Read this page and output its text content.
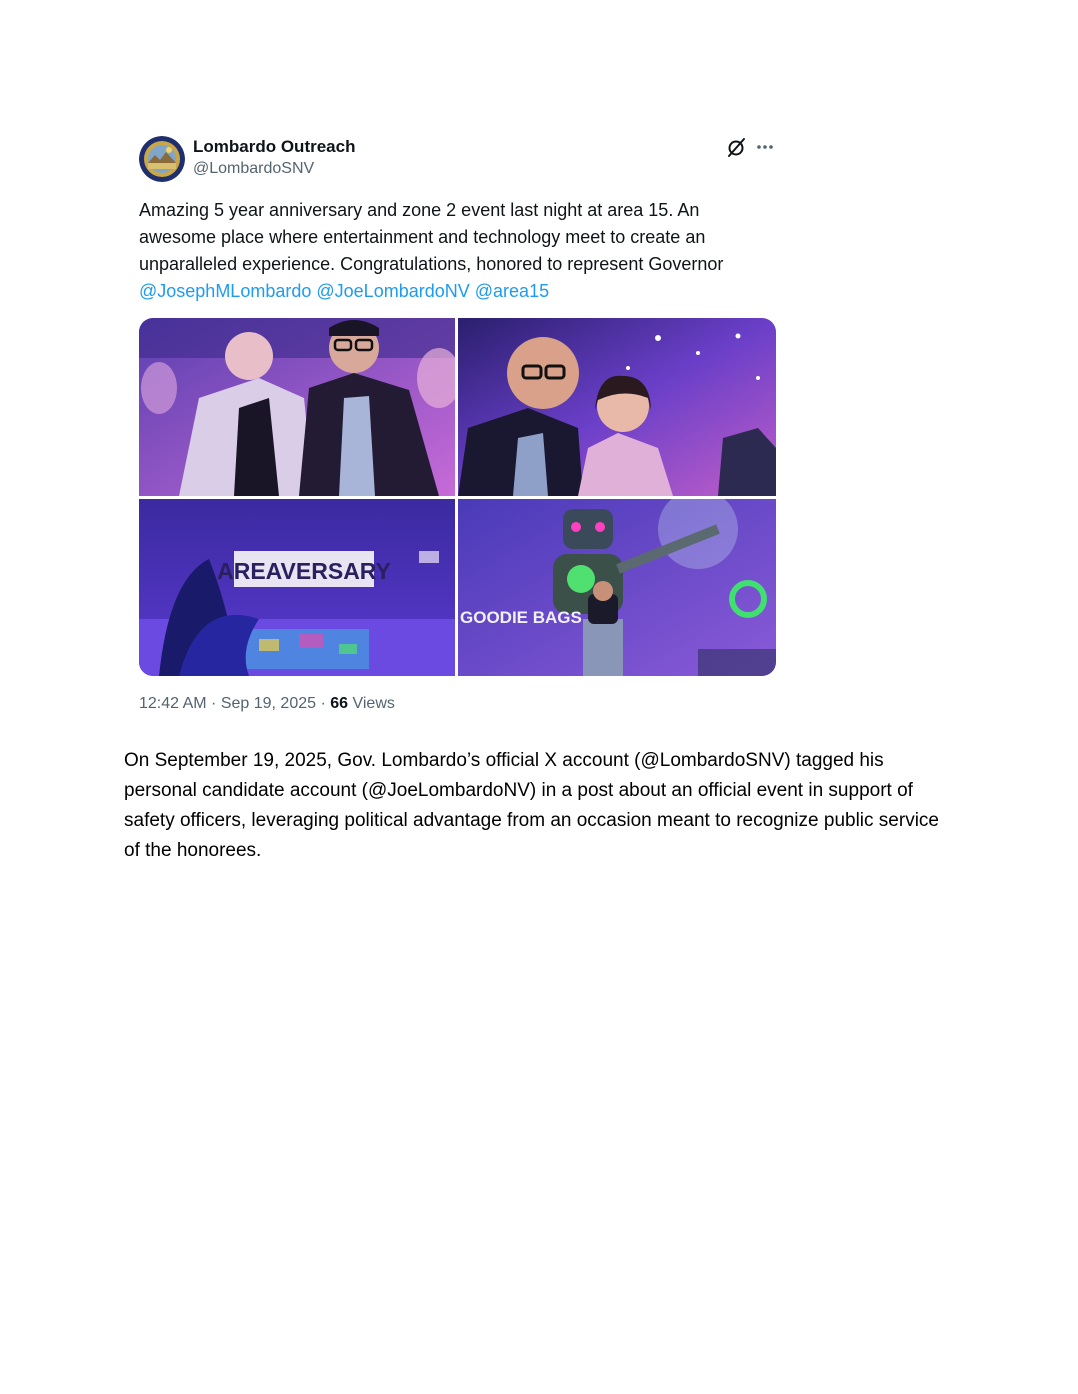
Lombardo Outreach
@LombardoSNV

Amazing 5 year anniversary and zone 2 event last night at area 15. An awesome place where entertainment and technology meet to create an unparalleled experience. Congratulations, honored to represent Governor @JosephMLombardo @JoeLombardoNV @area15

AREAVERSARY
GOODIE BAGS
12:42 AM · Sep 19, 2025 · 66 Views

On September 19, 2025, Gov. Lombardo’s official X account (@LombardoSNV) tagged his personal candidate account (@JoeLombardoNV) in a post about an official event in support of safety officers, leveraging political advantage from an occasion meant to recognize public service of the honorees.
